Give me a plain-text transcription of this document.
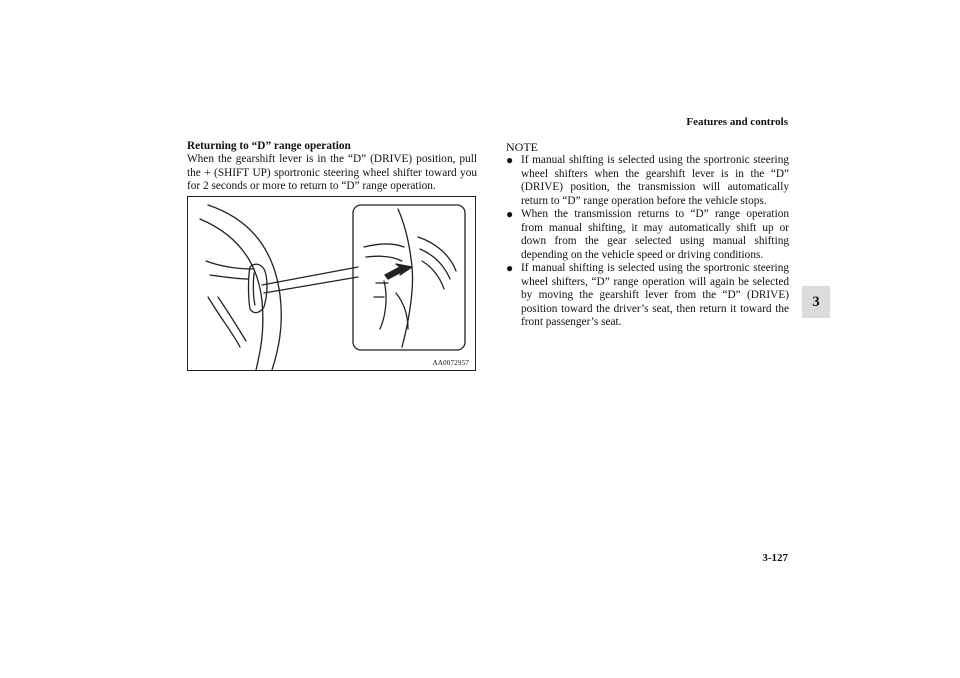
Features and controls
3
Returning to “D” range operation
When the gearshift lever is in the “D” (DRIVE) position, pull the + (SHIFT UP) sportronic steering wheel shifter toward you for 2 seconds or more to return to “D” range operation.
AA0072957
NOTE
● If manual shifting is selected using the sportronic steering wheel shifters when the gearshift lever is in the “D” (DRIVE) position, the transmission will automatically return to “D” range operation before the vehicle stops.
● When the transmission returns to “D” range operation from manual shifting, it may automatically shift up or down from the gear selected using manual shifting depending on the vehicle speed or driving conditions.
● If manual shifting is selected using the sportronic steering wheel shifters, “D” range operation will again be selected by moving the gearshift lever from the “D” (DRIVE) position toward the driver’s seat, then return it toward the front passenger’s seat.
3-127
